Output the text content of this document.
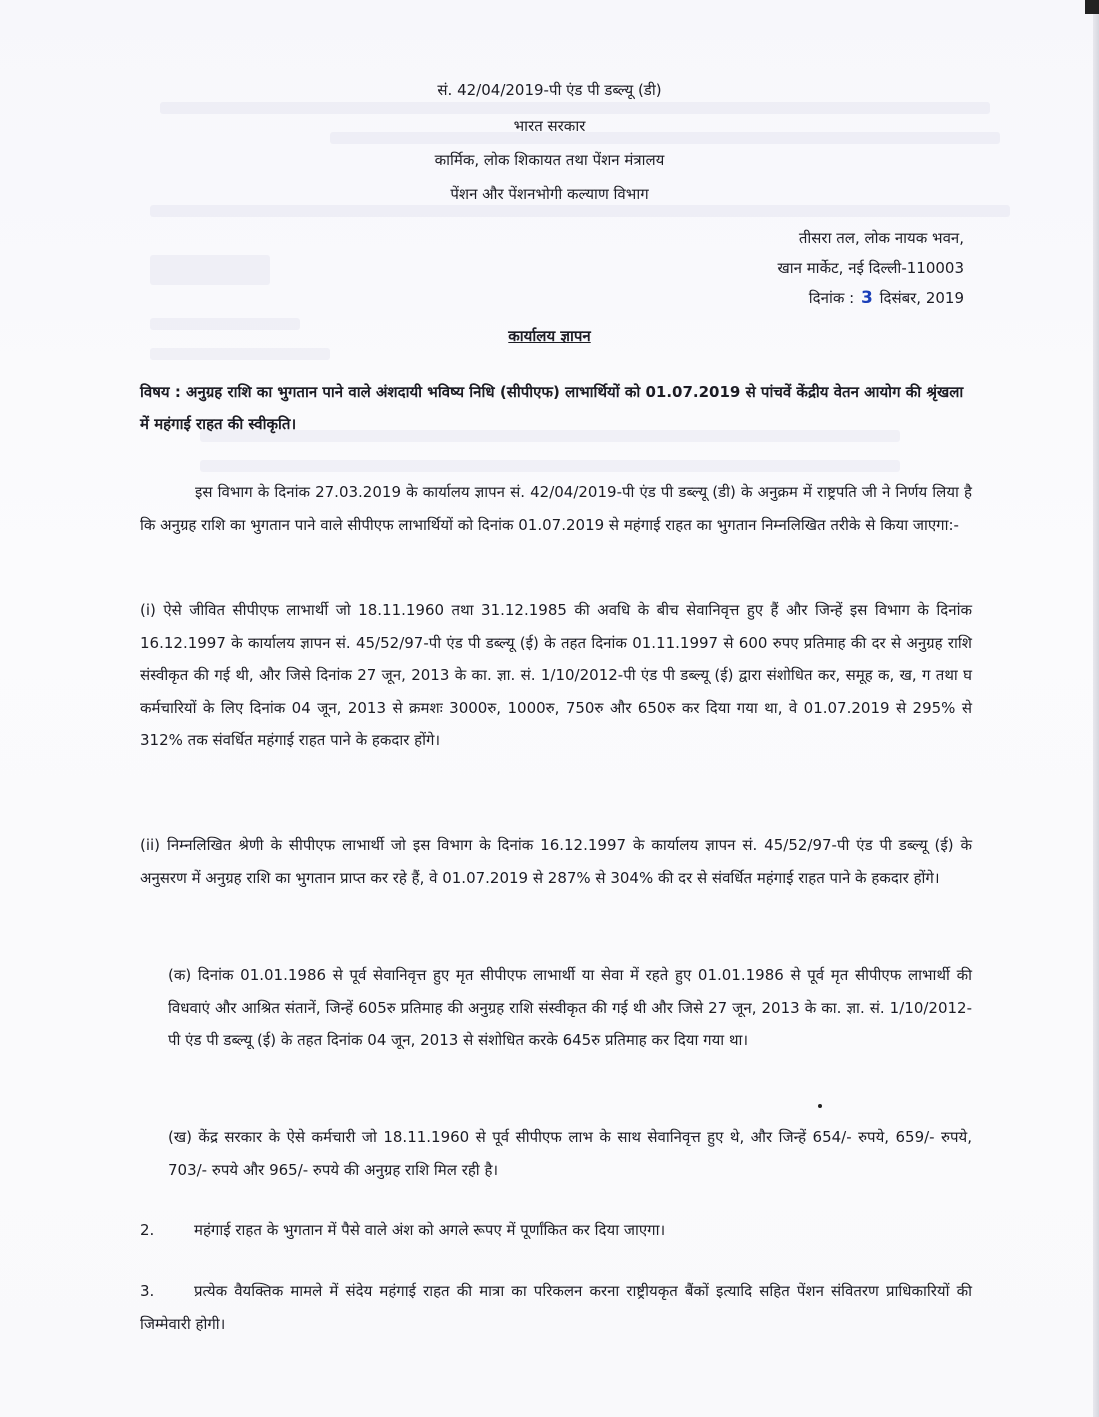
सं. 42/04/2019-पी एंड पी डब्ल्यू (डी)
भारत सरकार
कार्मिक, लोक शिकायत तथा पेंशन मंत्रालय
पेंशन और पेंशनभोगी कल्याण विभाग
तीसरा तल, लोक नायक भवन,
खान मार्केट, नई दिल्ली-110003
दिनांक : 3 दिसंबर, 2019
कार्यालय ज्ञापन
विषय : अनुग्रह राशि का भुगतान पाने वाले अंशदायी भविष्य निधि (सीपीएफ) लाभार्थियों को 01.07.2019 से पांचवें केंद्रीय वेतन आयोग की श्रृंखला में महंगाई राहत की स्वीकृति।
इस विभाग के दिनांक 27.03.2019 के कार्यालय ज्ञापन सं. 42/04/2019-पी एंड पी डब्ल्यू (डी) के अनुक्रम में राष्ट्रपति जी ने निर्णय लिया है कि अनुग्रह राशि का भुगतान पाने वाले सीपीएफ लाभार्थियों को दिनांक 01.07.2019 से महंगाई राहत का भुगतान निम्नलिखित तरीके से किया जाएगा:-
(i) ऐसे जीवित सीपीएफ लाभार्थी जो 18.11.1960 तथा 31.12.1985 की अवधि के बीच सेवानिवृत्त हुए हैं और जिन्हें इस विभाग के दिनांक 16.12.1997 के कार्यालय ज्ञापन सं. 45/52/97-पी एंड पी डब्ल्यू (ई) के तहत दिनांक 01.11.1997 से 600 रुपए प्रतिमाह की दर से अनुग्रह राशि संस्वीकृत की गई थी, और जिसे दिनांक 27 जून, 2013 के का. ज्ञा. सं. 1/10/2012-पी एंड पी डब्ल्यू (ई) द्वारा संशोधित कर, समूह क, ख, ग तथा घ कर्मचारियों के लिए दिनांक 04 जून, 2013 से क्रमशः 3000रु, 1000रु, 750रु और 650रु कर दिया गया था, वे 01.07.2019 से 295% से 312% तक संवर्धित महंगाई राहत पाने के हकदार होंगे।
(ii) निम्नलिखित श्रेणी के सीपीएफ लाभार्थी जो इस विभाग के दिनांक 16.12.1997 के कार्यालय ज्ञापन सं. 45/52/97-पी एंड पी डब्ल्यू (ई) के अनुसरण में अनुग्रह राशि का भुगतान प्राप्त कर रहे हैं, वे 01.07.2019 से 287% से 304% की दर से संवर्धित महंगाई राहत पाने के हकदार होंगे।
(क) दिनांक 01.01.1986 से पूर्व सेवानिवृत्त हुए मृत सीपीएफ लाभार्थी या सेवा में रहते हुए 01.01.1986 से पूर्व मृत सीपीएफ लाभार्थी की विधवाएं और आश्रित संतानें, जिन्हें 605रु प्रतिमाह की अनुग्रह राशि संस्वीकृत की गई थी और जिसे 27 जून, 2013 के का. ज्ञा. सं. 1/10/2012-पी एंड पी डब्ल्यू (ई) के तहत दिनांक 04 जून, 2013 से संशोधित करके 645रु प्रतिमाह कर दिया गया था।
(ख) केंद्र सरकार के ऐसे कर्मचारी जो 18.11.1960 से पूर्व सीपीएफ लाभ के साथ सेवानिवृत्त हुए थे, और जिन्हें 654/- रुपये, 659/- रुपये, 703/- रुपये और 965/- रुपये की अनुग्रह राशि मिल रही है।
2.	महंगाई राहत के भुगतान में पैसे वाले अंश को अगले रूपए में पूर्णांकित कर दिया जाएगा।
3.	प्रत्येक वैयक्तिक मामले में संदेय महंगाई राहत की मात्रा का परिकलन करना राष्ट्रीयकृत बैंकों इत्यादि सहित पेंशन संवितरण प्राधिकारियों की जिम्मेवारी होगी।
